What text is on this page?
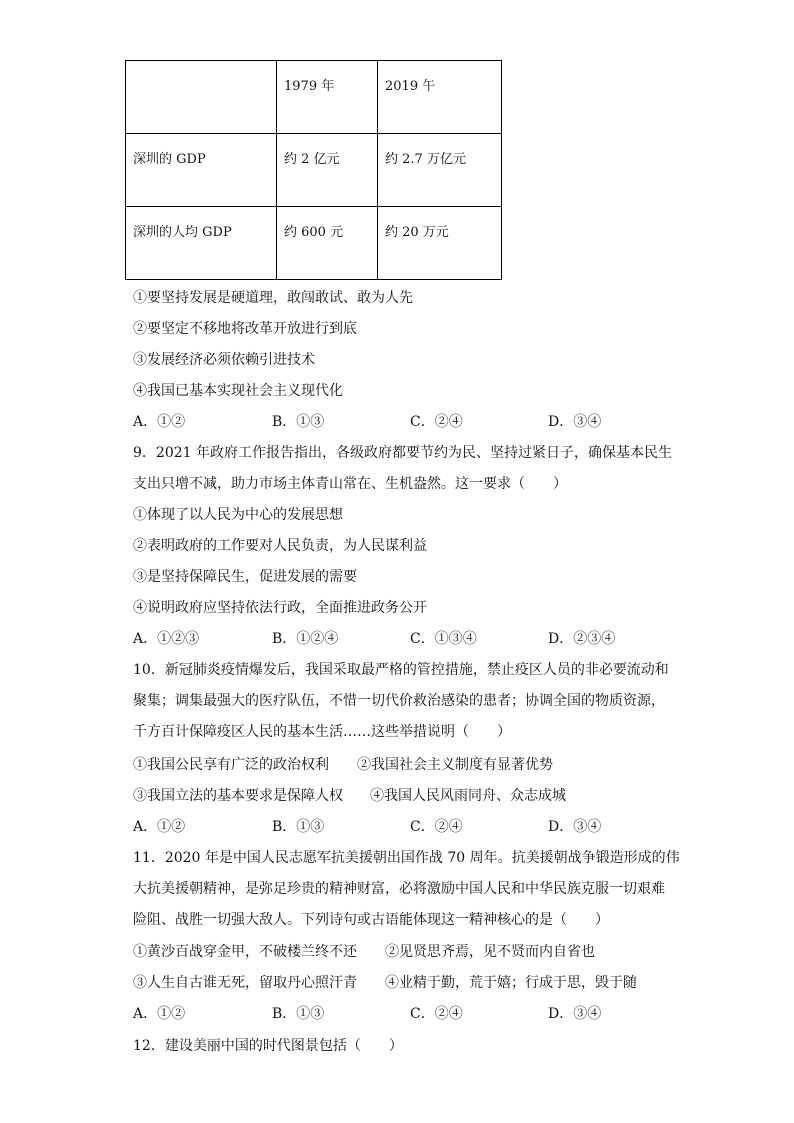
	1979 年	2019 午
深圳的 GDP	约 2 亿元	约 2.7 万亿元
深圳的人均 GDP	约 600 元	约 20 万元
①要坚持发展是硬道理，敢闯敢试、敢为人先
②要坚定不移地将改革开放进行到底
③发展经济必须依赖引进技术
④我国已基本实现社会主义现代化
A．①②	B．①③	C．②④	D．③④
9．2021 年政府工作报告指出，各级政府都要节约为民、坚持过紧日子，确保基本民生
支出只增不减，助力市场主体青山常在、生机盎然。这一要求（　　）
①体现了以人民为中心的发展思想
②表明政府的工作要对人民负责，为人民谋利益
③是坚持保障民生，促进发展的需要
④说明政府应坚持依法行政，全面推进政务公开
A．①②③	B．①②④	C．①③④	D．②③④
10．新冠肺炎疫情爆发后，我国采取最严格的管控措施，禁止疫区人员的非必要流动和
聚集；调集最强大的医疗队伍，不惜一切代价救治感染的患者；协调全国的物质资源，
千方百计保障疫区人民的基本生活……这些举措说明（　　）
①我国公民享有广泛的政治权利 ②我国社会主义制度有显著优势
③我国立法的基本要求是保障人权 ④我国人民风雨同舟、众志成城
A．①②	B．①③	C．②④	D．③④
11．2020 年是中国人民志愿军抗美援朝出国作战 70 周年。抗美援朝战争锻造形成的伟
大抗美援朝精神，是弥足珍贵的精神财富，必将激励中国人民和中华民族克服一切艰难
险阻、战胜一切强大敌人。下列诗句或古语能体现这一精神核心的是（　　）
①黄沙百战穿金甲，不破楼兰终不还 ②见贤思齐焉，见不贤而内自省也
③人生自古谁无死，留取丹心照汗青 ④业精于勤，荒于嬉；行成于思，毁于随
A．①②	B．①③	C．②④	D．③④
12．建设美丽中国的时代图景包括（　　）
